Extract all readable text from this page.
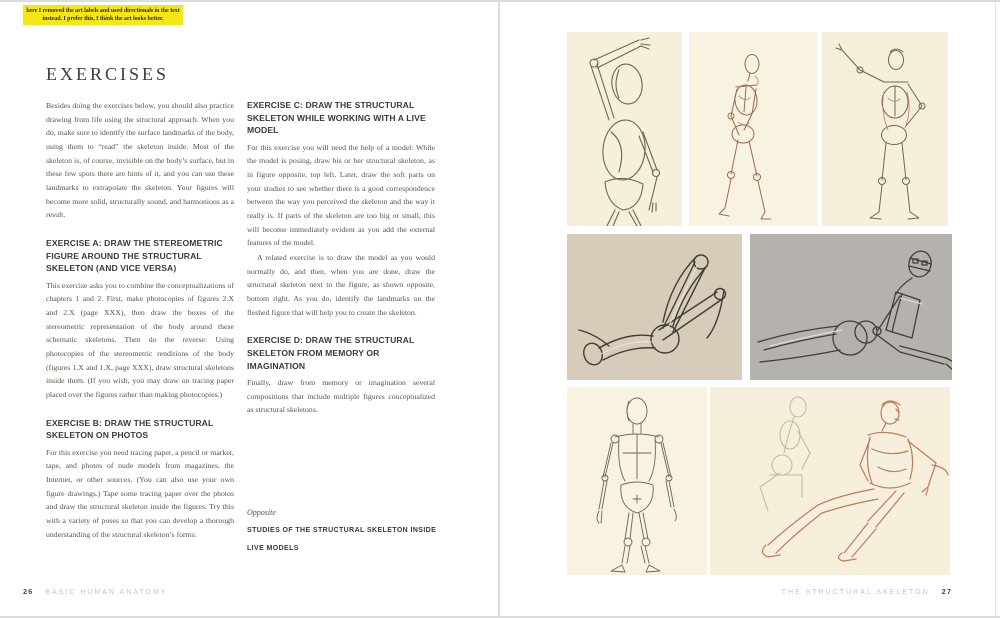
here I removed the art labels and used directionals in the text instead. I prefer this, I think the art looks better.
EXERCISES

Besides doing the exercises below, you should also practice drawing from life using the structural approach. When you do, make sure to identify the surface landmarks of the body, using them to “read” the skeleton inside. Most of the skeleton is, of course, invisible on the body’s surface, but in these few spots there are hints of it, and you can use these landmarks to extrapolate the skeleton. Your figures will become more solid, structurally sound, and harmonious as a result.

EXERCISE A: DRAW THE STEREOMETRIC FIGURE AROUND THE STRUCTURAL SKELETON (AND VICE VERSA)

This exercise asks you to combine the conceptualizations of chapters 1 and 2. First, make photocopies of figures 2.X and 2.X (page XXX), then draw the boxes of the stereometric representation of the body around these schematic skeletons. Then do the reverse: Using photocopies of the stereometric renditions of the body (figures 1.X and 1.X, page XXX), draw structural skeletons inside them. (If you wish, you may draw on tracing paper placed over the figures rather than making photocopies.)

EXERCISE B: DRAW THE STRUCTURAL SKELETON ON PHOTOS

For this exercise you need tracing paper, a pencil or marker, tape, and photos of nude models from magazines, the Internet, or other sources. (You can also use your own figure drawings.) Tape some tracing paper over the photos and draw the structural skeleton inside the figures. Try this with a variety of poses so that you can develop a thorough understanding of the structural skeleton’s forms.

EXERCISE C: DRAW THE STRUCTURAL SKELETON WHILE WORKING WITH A LIVE MODEL

For this exercise you will need the help of a model: While the model is posing, draw his or her structural skeleton, as in figure opposite, top left. Later, draw the soft parts on your studies to see whether there is a good correspondence between the way you perceived the skeleton and the way it really is. If parts of the skeleton are too big or small, this will become immediately evident as you add the external features of the model.

A related exercise is to draw the model as you would normally do, and then, when you are done, draw the structural skeleton next to the figure, as shown opposite, bottom right. As you do, identify the landmarks on the fleshed figure that will help you to create the skeleton.

EXERCISE D: DRAW THE STRUCTURAL SKELETON FROM MEMORY OR IMAGINATION

Finally, draw from memory or imagination several compositions that include multiple figures conceptualized as structural skeletons.

Opposite
STUDIES OF THE STRUCTURAL SKELETON INSIDE LIVE MODELS
26 BASIC HUMAN ANATOMY	THE STRUCTURAL SKELETON 27
